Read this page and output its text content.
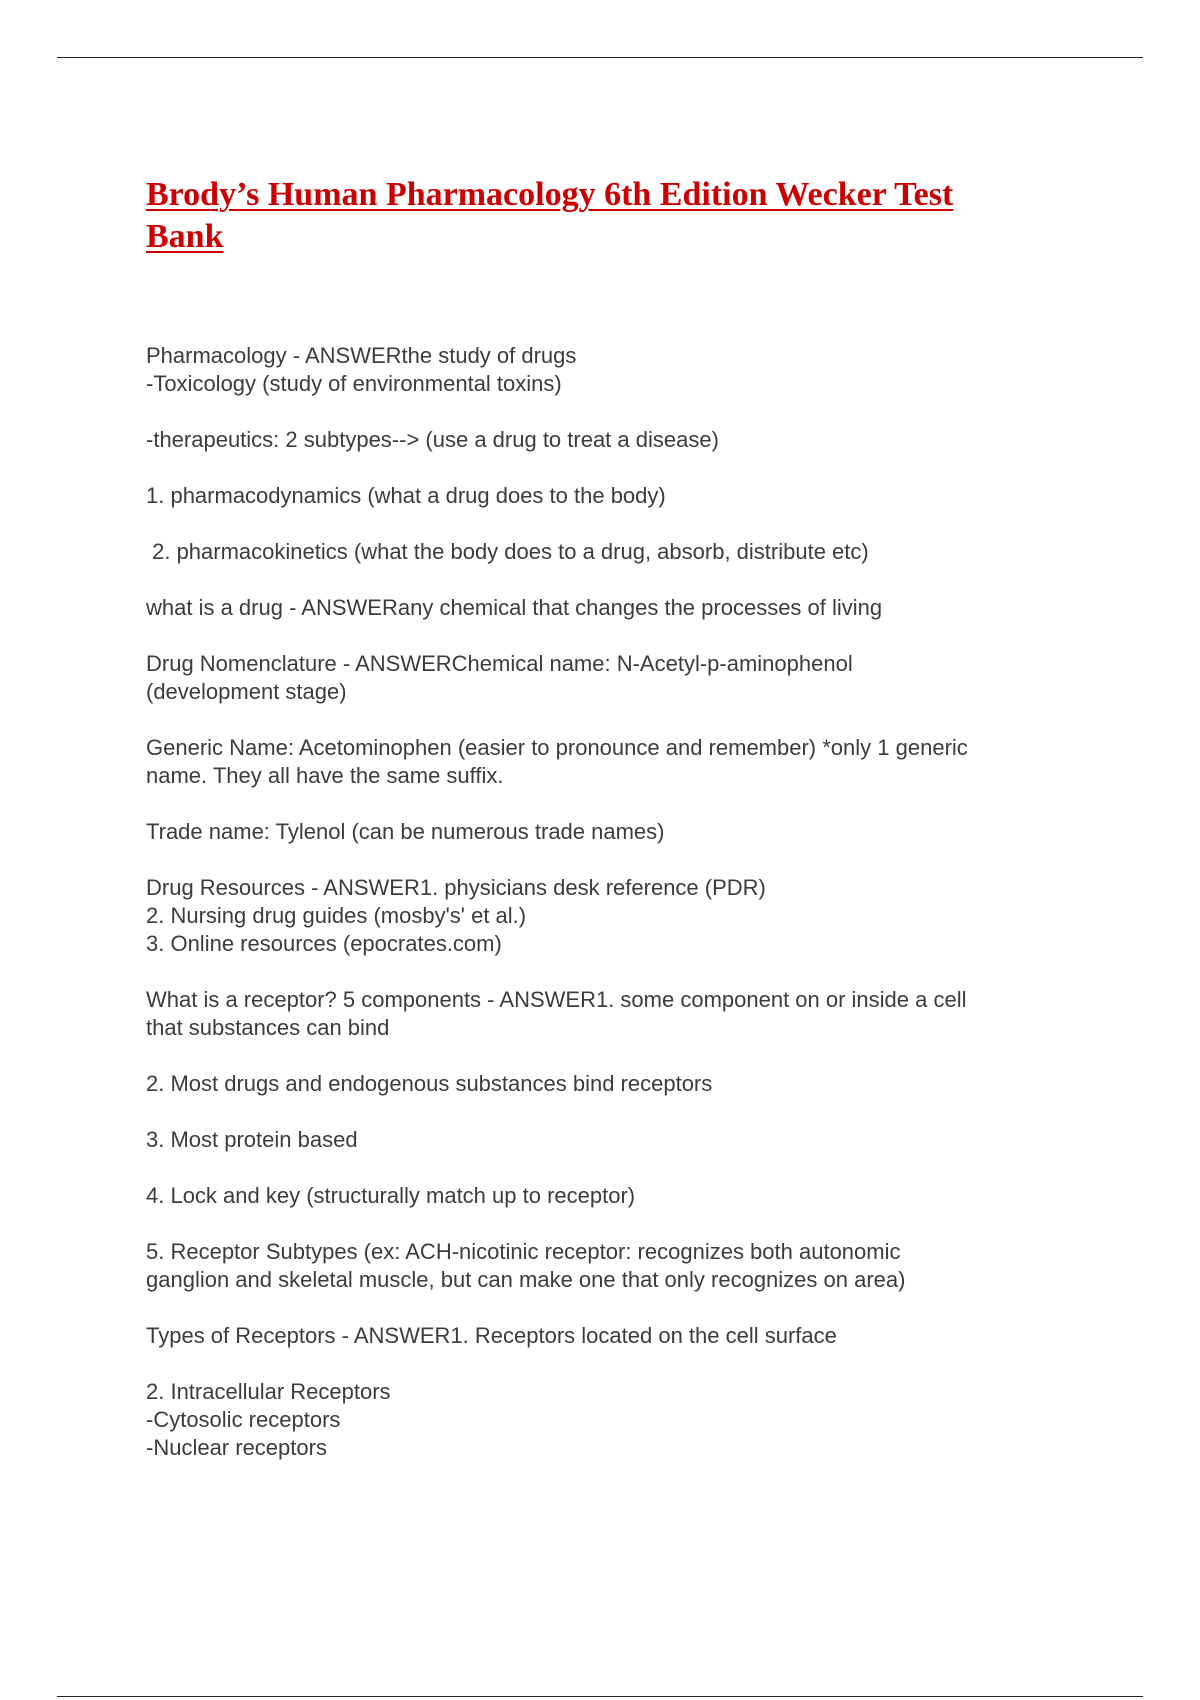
Brody’s Human Pharmacology 6th Edition Wecker Test
Bank

Pharmacology - ANSWERthe study of drugs
-Toxicology (study of environmental toxins)

-therapeutics: 2 subtypes--> (use a drug to treat a disease)

1. pharmacodynamics (what a drug does to the body)

2. pharmacokinetics (what the body does to a drug, absorb, distribute etc)

what is a drug - ANSWERany chemical that changes the processes of living

Drug Nomenclature - ANSWERChemical name: N-Acetyl-p-aminophenol
(development stage)

Generic Name: Acetominophen (easier to pronounce and remember) *only 1 generic
name. They all have the same suffix.

Trade name: Tylenol (can be numerous trade names)

Drug Resources - ANSWER1. physicians desk reference (PDR)
2. Nursing drug guides (mosby's' et al.)
3. Online resources (epocrates.com)

What is a receptor? 5 components - ANSWER1. some component on or inside a cell
that substances can bind

2. Most drugs and endogenous substances bind receptors

3. Most protein based

4. Lock and key (structurally match up to receptor)

5. Receptor Subtypes (ex: ACH-nicotinic receptor: recognizes both autonomic
ganglion and skeletal muscle, but can make one that only recognizes on area)

Types of Receptors - ANSWER1. Receptors located on the cell surface

2. Intracellular Receptors
-Cytosolic receptors
-Nuclear receptors
